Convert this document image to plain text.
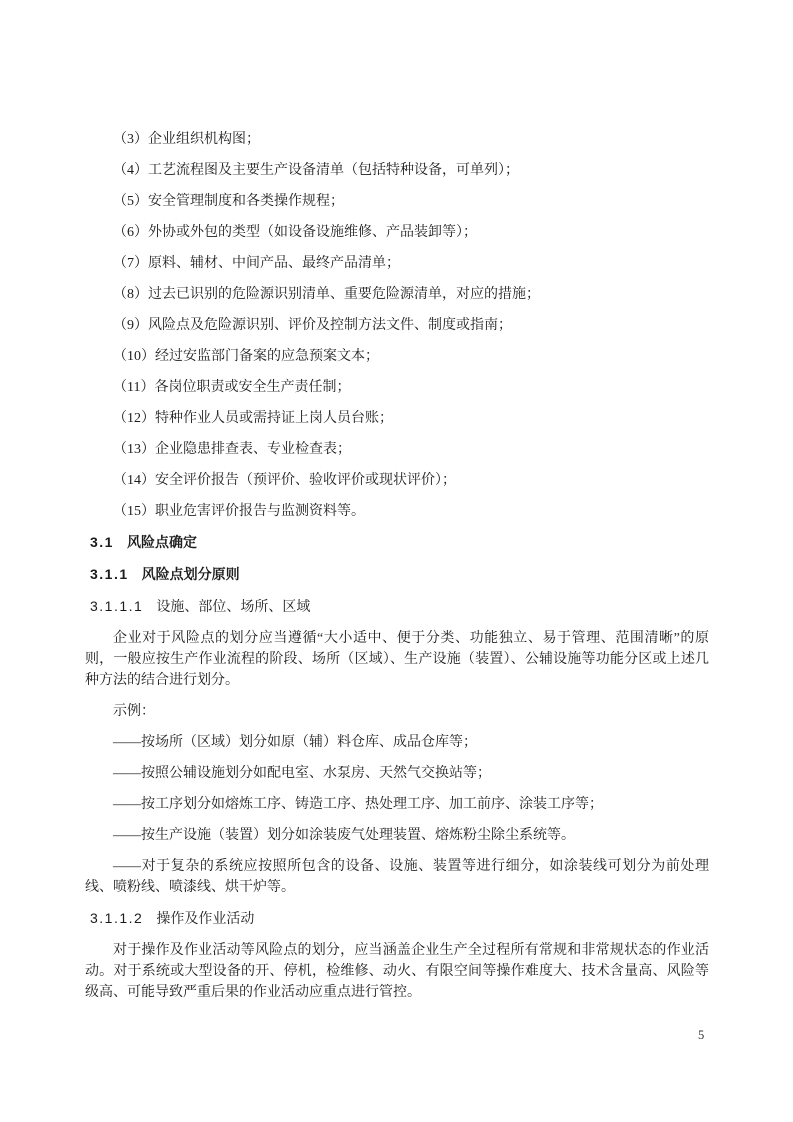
（3）企业组织机构图；

（4）工艺流程图及主要生产设备清单（包括特种设备，可单列）；

（5）安全管理制度和各类操作规程；

（6）外协或外包的类型（如设备设施维修、产品装卸等）；

（7）原料、辅材、中间产品、最终产品清单；

（8）过去已识别的危险源识别清单、重要危险源清单，对应的措施；

（9）风险点及危险源识别、评价及控制方法文件、制度或指南；

（10）经过安监部门备案的应急预案文本；

（11）各岗位职责或安全生产责任制；

（12）特种作业人员或需持证上岗人员台账；

（13）企业隐患排查表、专业检查表；

（14）安全评价报告（预评价、验收评价或现状评价）；

（15）职业危害评价报告与监测资料等。

3.1 风险点确定

3.1.1 风险点划分原则

3.1.1.1 设施、部位、场所、区域

企业对于风险点的划分应当遵循“大小适中、便于分类、功能独立、易于管理、范围清晰”的原则，一般应按生产作业流程的阶段、场所（区域）、生产设施（装置）、公辅设施等功能分区或上述几种方法的结合进行划分。

示例：

——按场所（区域）划分如原（辅）料仓库、成品仓库等；

——按照公辅设施划分如配电室、水泵房、天然气交换站等；

——按工序划分如熔炼工序、铸造工序、热处理工序、加工前序、涂装工序等；

——按生产设施（装置）划分如涂装废气处理装置、熔炼粉尘除尘系统等。

——对于复杂的系统应按照所包含的设备、设施、装置等进行细分，如涂装线可划分为前处理线、喷粉线、喷漆线、烘干炉等。

3.1.1.2 操作及作业活动

对于操作及作业活动等风险点的划分，应当涵盖企业生产全过程所有常规和非常规状态的作业活动。对于系统或大型设备的开、停机，检维修、动火、有限空间等操作难度大、技术含量高、风险等级高、可能导致严重后果的作业活动应重点进行管控。

5
